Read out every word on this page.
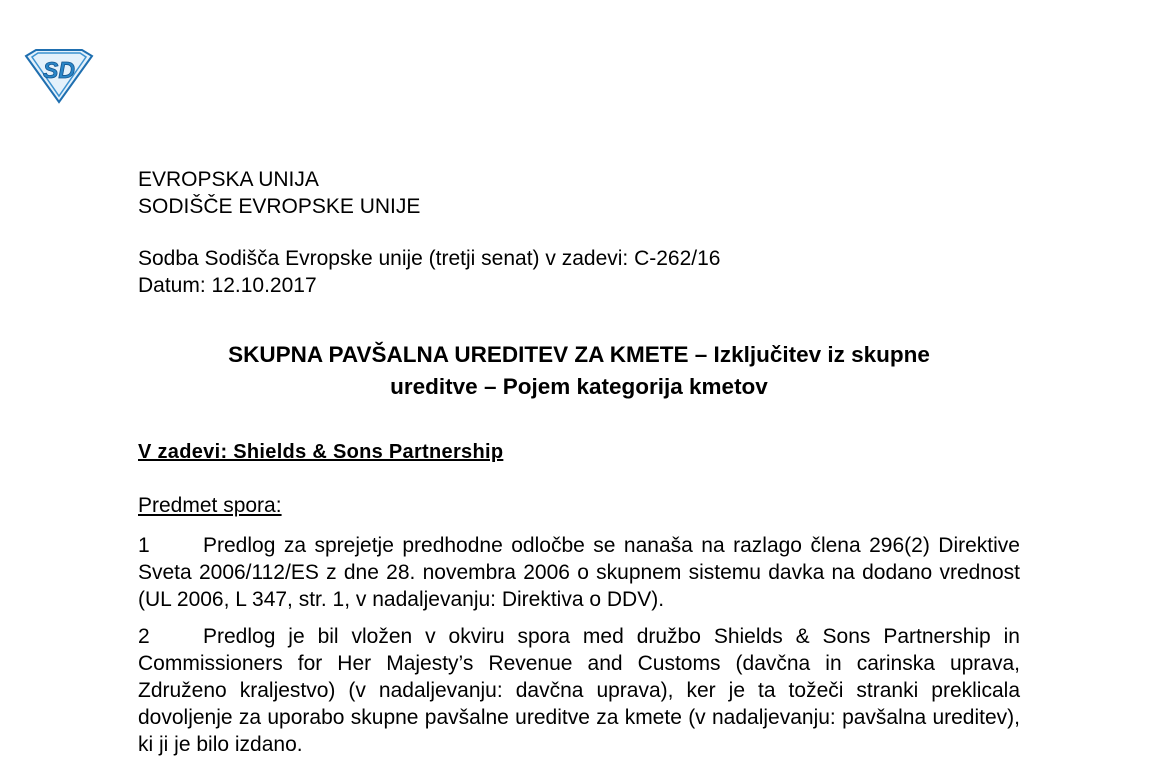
SD
EVROPSKA UNIJA
SODIŠČE EVROPSKE UNIJE
Sodba Sodišča Evropske unije (tretji senat) v zadevi: C-262/16
Datum: 12.10.2017
SKUPNA PAVŠALNA UREDITEV ZA KMETE – Izključitev iz skupne
ureditve – Pojem kategorija kmetov
V zadevi: Shields & Sons Partnership
Predmet spora:
1	Predlog za sprejetje predhodne odločbe se nanaša na razlago člena 296(2) Direktive Sveta 2006/112/ES z dne 28. novembra 2006 o skupnem sistemu davka na dodano vrednost (UL 2006, L 347, str. 1, v nadaljevanju: Direktiva o DDV).
2	Predlog je bil vložen v okviru spora med družbo Shields & Sons Partnership in Commissioners for Her Majesty’s Revenue and Customs (davčna in carinska uprava, Združeno kraljestvo) (v nadaljevanju: davčna uprava), ker je ta tožeči stranki preklicala dovoljenje za uporabo skupne pavšalne ureditve za kmete (v nadaljevanju: pavšalna ureditev), ki ji je bilo izdano.
